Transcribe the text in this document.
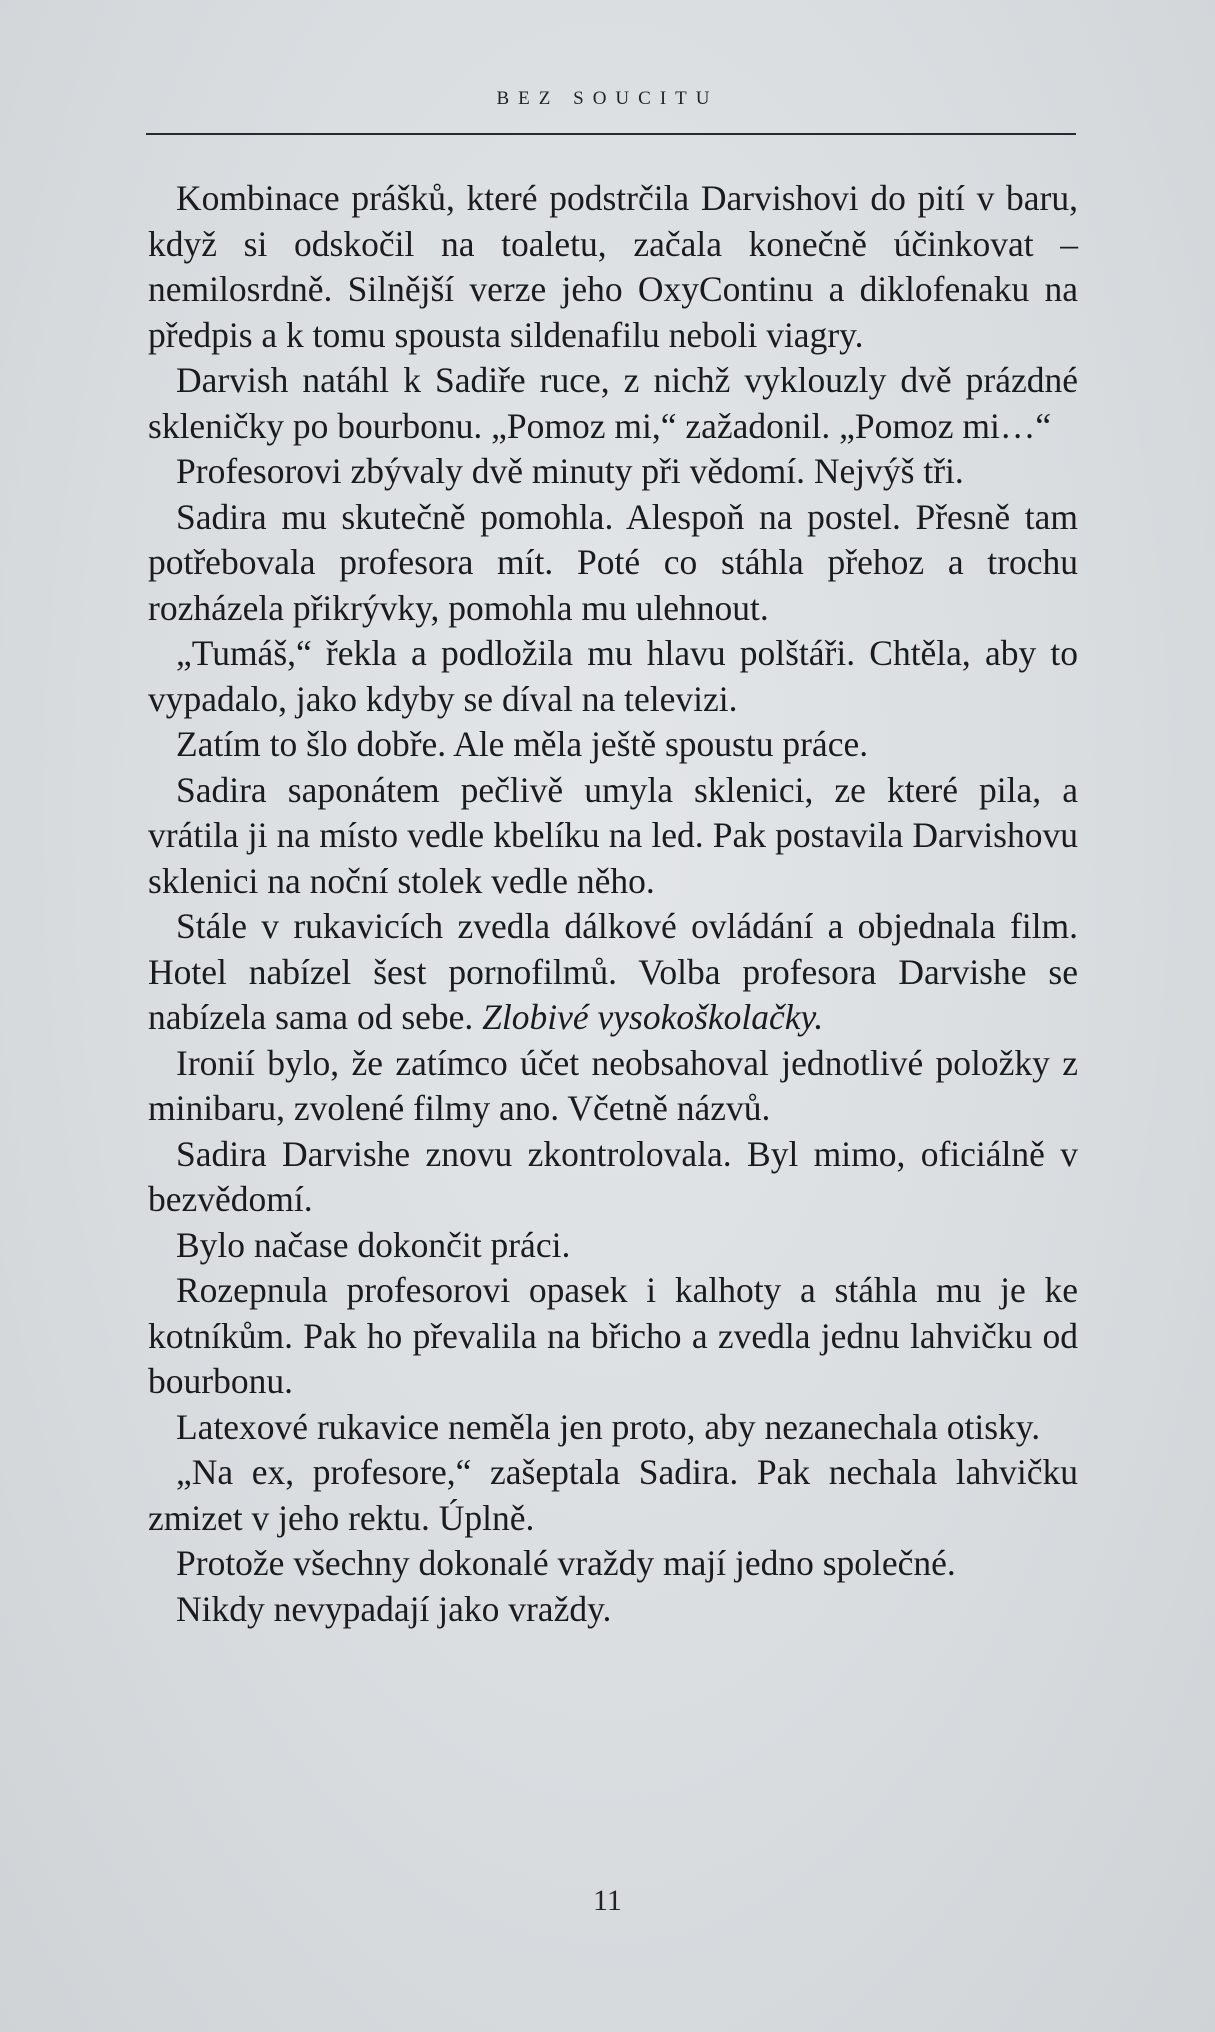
BEZ SOUCITU

Kombinace prášků, které podstrčila Darvishovi do pití v baru, když si odskočil na toaletu, začala konečně účinkovat – nemilosrdně. Silnější verze jeho OxyContinu a diklofenaku na předpis a k tomu spousta sildenafilu neboli viagry.

Darvish natáhl k Sadiře ruce, z nichž vyklouzly dvě prázdné skleničky po bourbonu. „Pomoz mi,“ zažadonil. „Pomoz mi…“

Profesorovi zbývaly dvě minuty při vědomí. Nejvýš tři.

Sadira mu skutečně pomohla. Alespoň na postel. Přesně tam potřebovala profesora mít. Poté co stáhla přehoz a trochu rozházela přikrývky, pomohla mu ulehnout.

„Tumáš,“ řekla a podložila mu hlavu polštáři. Chtěla, aby to vypadalo, jako kdyby se díval na televizi.

Zatím to šlo dobře. Ale měla ještě spoustu práce.

Sadira saponátem pečlivě umyla sklenici, ze které pila, a vrátila ji na místo vedle kbelíku na led. Pak postavila Darvishovu sklenici na noční stolek vedle něho.

Stále v rukavicích zvedla dálkové ovládání a objednala film. Hotel nabízel šest pornofilmů. Volba profesora Darvishe se nabízela sama od sebe. Zlobivé vysokoškolačky.

Ironií bylo, že zatímco účet neobsahoval jednotlivé položky z minibaru, zvolené filmy ano. Včetně názvů.

Sadira Darvishe znovu zkontrolovala. Byl mimo, oficiálně v bezvědomí.

Bylo načase dokončit práci.

Rozepnula profesorovi opasek i kalhoty a stáhla mu je ke kotníkům. Pak ho převalila na břicho a zvedla jednu lahvičku od bourbonu.

Latexové rukavice neměla jen proto, aby nezanechala otisky.

„Na ex, profesore,“ zašeptala Sadira. Pak nechala lahvičku zmizet v jeho rektu. Úplně.

Protože všechny dokonalé vraždy mají jedno společné.

Nikdy nevypadají jako vraždy.

11
